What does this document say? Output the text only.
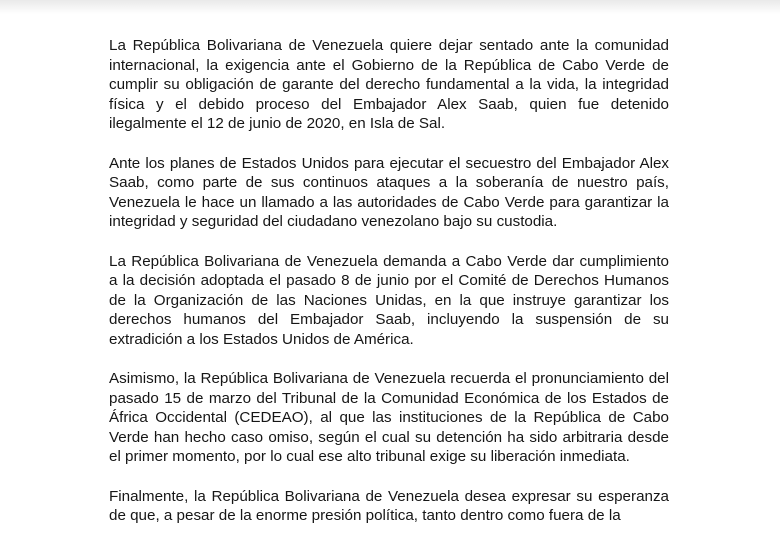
La República Bolivariana de Venezuela quiere dejar sentado ante la comunidad internacional, la exigencia ante el Gobierno de la República de Cabo Verde de cumplir su obligación de garante del derecho fundamental a la vida, la integridad física y el debido proceso del Embajador Alex Saab, quien fue detenido ilegalmente el 12 de junio de 2020, en Isla de Sal.

Ante los planes de Estados Unidos para ejecutar el secuestro del Embajador Alex Saab, como parte de sus continuos ataques a la soberanía de nuestro país, Venezuela le hace un llamado a las autoridades de Cabo Verde para garantizar la integridad y seguridad del ciudadano venezolano bajo su custodia.

La República Bolivariana de Venezuela demanda a Cabo Verde dar cumplimiento a la decisión adoptada el pasado 8 de junio por el Comité de Derechos Humanos de la Organización de las Naciones Unidas, en la que instruye garantizar los derechos humanos del Embajador Saab, incluyendo la suspensión de su extradición a los Estados Unidos de América.

Asimismo, la República Bolivariana de Venezuela recuerda el pronunciamiento del pasado 15 de marzo del Tribunal de la Comunidad Económica de los Estados de África Occidental (CEDEAO), al que las instituciones de la República de Cabo Verde han hecho caso omiso, según el cual su detención ha sido arbitraria desde el primer momento, por lo cual ese alto tribunal exige su liberación inmediata.

Finalmente, la República Bolivariana de Venezuela desea expresar su esperanza de que, a pesar de la enorme presión política, tanto dentro como fuera de la
